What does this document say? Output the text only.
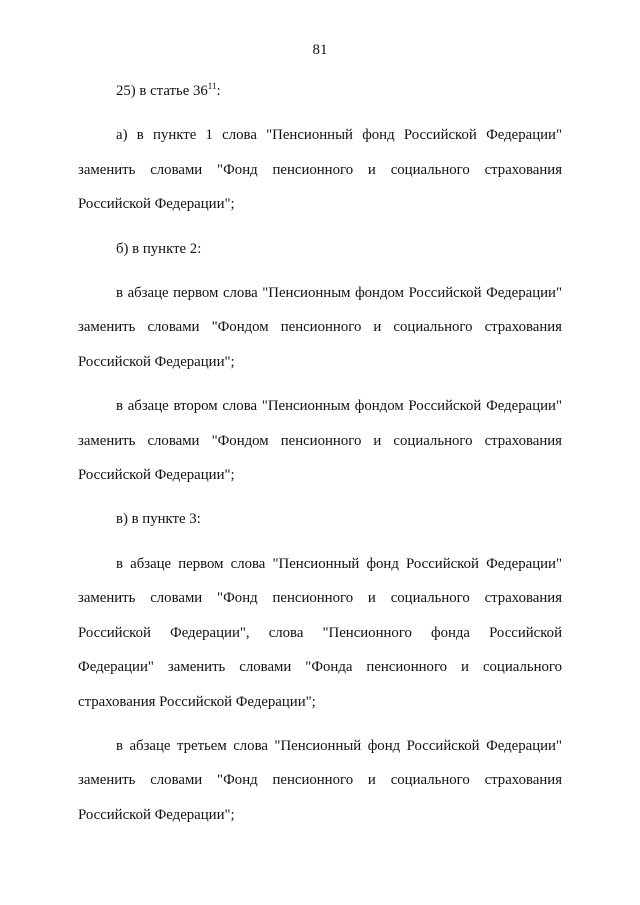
81

25) в статье $36^{11}$:

а) в пункте 1 слова "Пенсионный фонд Российской Федерации" заменить словами "Фонд пенсионного и социального страхования Российской Федерации";

б) в пункте 2:

в абзаце первом слова "Пенсионным фондом Российской Федерации" заменить словами "Фондом пенсионного и социального страхования Российской Федерации";

в абзаце втором слова "Пенсионным фондом Российской Федерации" заменить словами "Фондом пенсионного и социального страхования Российской Федерации";

в) в пункте 3:

в абзаце первом слова "Пенсионный фонд Российской Федерации" заменить словами "Фонд пенсионного и социального страхования Российской Федерации", слова "Пенсионного фонда Российской Федерации" заменить словами "Фонда пенсионного и социального страхования Российской Федерации";

в абзаце третьем слова "Пенсионный фонд Российской Федерации" заменить словами "Фонд пенсионного и социального страхования Российской Федерации";
